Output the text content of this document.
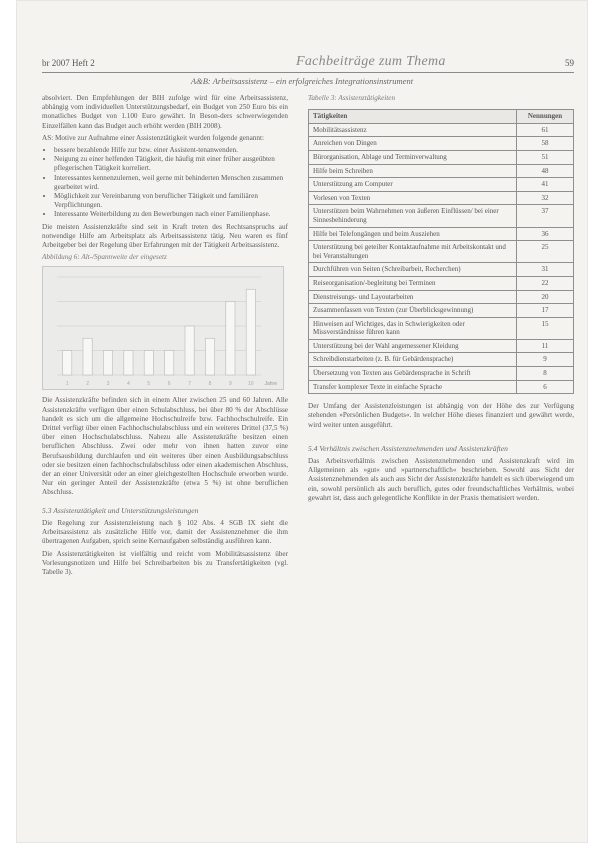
br 2007 Heft 2	Fachbeiträge zum Thema	59
A&B: Arbeitsassistenz – ein erfolgreiches Integrationsinstrument

absolviert. Den Empfehlungen der BIH zufolge wird für eine Arbeitsassistenz, abhängig vom individuellen Unterstützungsbedarf, ein Budget von 250 Euro bis ein monatliches Budget von 1.100 Euro gewährt. In Beson-ders schwerwiegenden Einzelfällen kann das Budget auch erhöht werden (BIH 2008).

AS: Motive zur Aufnahme einer Assistenztätigkeit wurden folgende genannt:

• bessere bezahlende Hilfe zur bzw. einer Assistent-tenanwenden.
• Neigung zu einer helfenden Tätigkeit, die häufig mit einer früher ausgeübten pflegerischen Tätigkeit korreliert.
• Interessantes kennenzulernen, weil gerne mit behinderten Menschen zusammen gearbeitet wird.
• Möglichkeit zur Vereinbarung von beruflicher Tätigkeit und familiären Verpflichtungen.
• Interessante Weiterbildung zu den Bewerbungen nach einer Familienphase.

Die meisten Assistenzkräfte sind seit in Kraft treten des Rechtsanspruchs auf notwendige Hilfe am Arbeitsplatz als Arbeitsassistenz tätig. Neu waren es fünf Arbeitgeber bei der Regelung über Erfahrungen mit der Tätigkeit Arbeitsassistenz.

Abbildung 6: Alt-/Spannweite der eingesetz
1	2	3	4	5	6	7	8	9	10 Jahre

Die Assistenzkräfte befinden sich in einem Alter zwischen 25 und 60 Jahren. Alle Assistenzkräfte verfügen über einen Schulabschluss, bei über 80 % der Abschlüsse handelt es sich um die allgemeine Hochschulreife bzw. Fachhochschulreife. Ein Drittel verfügt über einen Fachhochschulabschluss und ein weiteres Drittel (37,5 %) über einen Hochschulabschluss. Nahezu alle Assistenzkräfte besitzen einen beruflichen Abschluss. Zwei oder mehr von ihnen hatten zuvor eine Berufsausbildung durchlaufen und ein weiteres über einen Ausbildungsabschluss oder sie besitzen einen fachhochschulabschluss oder einen akademischen Abschluss, der an einer Universität oder an einer gleichgestellten Hochschule erworben wurde. Nur ein geringer Anteil der Assistenzkräfte (etwa 5 %) ist ohne beruflichen Abschluss.

5.3 Assistenztätigkeit und Unterstützungsleistungen

Die Regelung zur Assistenzleistung nach § 102 Abs. 4 SGB IX sieht die Arbeitsassistenz als zusätzliche Hilfe vor, damit der Assistenznehmer die ihm übertragenen Aufgaben, sprich seine Kernaufgaben selbständig ausführen kann.

Die Assistenztätigkeiten ist vielfältig und reicht vom Mobilitätsassistenz über Vorlesungsnotizen und Hilfe bei Schreibarbeiten bis zu Transfertätigkeiten (vgl. Tabelle 3).

Tabelle 3: Assistenztätigkeiten
Tätigkeiten	Nennungen
Mobilitätsassistenz	61
Anreichen von Dingen	58
Bürorganisation, Ablage und Terminverwaltung	51
Hilfe beim Schreiben	48
Unterstützung am Computer	41
Vorlesen von Texten	32
Unterstützen beim Wahrnehmen von äußeren Einflüssen/ bei einer Sinnesbehinderung	37
Hilfe bei Telefongängen und beim Ausziehen	36
Unterstützung bei geteilter Kontaktaufnahme mit Arbeitskontakt und bei Veranstaltungen	25
Durchführen von Seiten (Schreibarbeit, Recherchen)	31
Reiseorganisation/-begleitung bei Terminen	22
Dienstreisungs- und Layoutarbeiten	20
Zusammenfassen von Texten (zur Überblicksgewinnung)	17
Hinweisen auf Wichtiges, das in Schwierigkeiten oder Missverständnisse führen kann	15
Unterstützung bei der Wahl angemessener Kleidung	11
Schreibdienstarbeiten (z. B. für Gebärdensprache)	9
Übersetzung von Texten aus Gebärdensprache in Schrift	8
Transfer komplexer Texte in einfache Sprache	6

Der Umfang der Assistenzleistungen ist abhängig von der Höhe des zur Verfügung stehenden »Persönlichen Budgets«. In welcher Höhe dieses finanziert und gewährt werde, wird weiter unten ausgeführt.

5.4 Verhältnis zwischen Assistenznehmenden und Assistenzkräften

Das Arbeitsverhältnis zwischen Assistenznehmenden und Assistenzkraft wird im Allgemeinen als »gut« und »partnerschaftlich« beschrieben. Sowohl aus Sicht der Assistenznehmenden als auch aus Sicht der Assistenzkräfte handelt es sich überwiegend um ein, sowohl persönlich als auch beruflich, gutes oder freundschaftliches Verhältnis, wobei gewahrt ist, dass auch gelegentliche Konflikte in der Praxis thematisiert werden.
